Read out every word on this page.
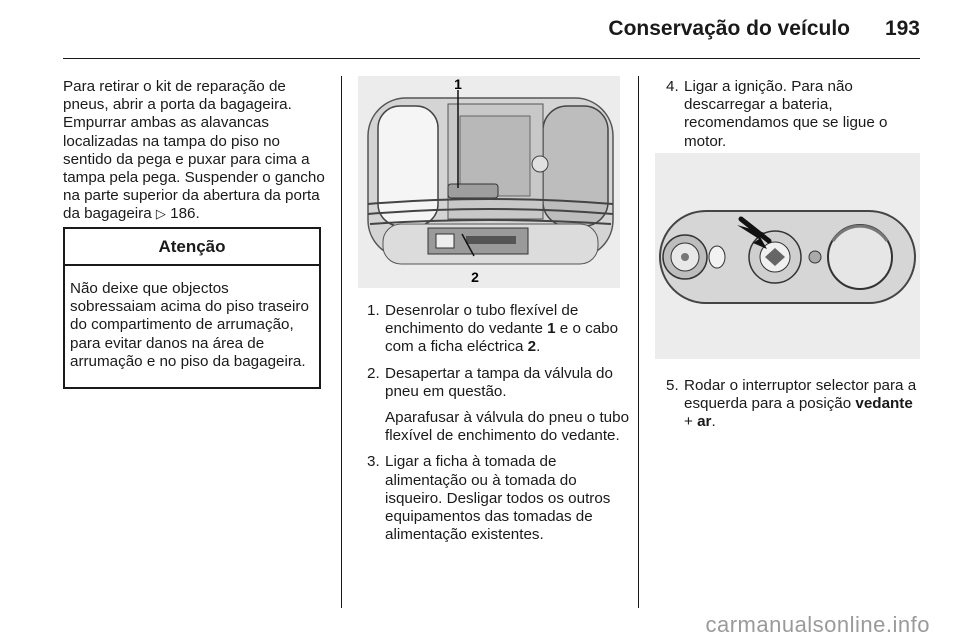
Conservação do veículo 193

Para retirar o kit de reparação de pneus, abrir a porta da bagageira. Empurrar ambas as alavancas localizadas na tampa do piso no sentido da pega e puxar para cima a tampa pela pega. Suspender o gancho na parte superior da abertura da porta da bagageira ▷ 186.

Atenção
Não deixe que objectos sobressaiam acima do piso traseiro do compartimento de arrumação, para evitar danos na área de arrumação e no piso da bagageira.
1
2
1. Desenrolar o tubo flexível de enchimento do vedante 1 e o cabo com a ficha eléctrica 2.

2. Desapertar a tampa da válvula do pneu em questão.

Aparafusar à válvula do pneu o tubo flexível de enchimento do vedante.

3. Ligar a ficha à tomada de alimentação ou à tomada do isqueiro. Desligar todos os outros equipamentos das tomadas de alimentação existentes.

4. Ligar a ignição. Para não descarregar a bateria, recomendamos que se ligue o motor.

5. Rodar o interruptor selector para a esquerda para a posição vedante + ar.

carmanualsonline.info
